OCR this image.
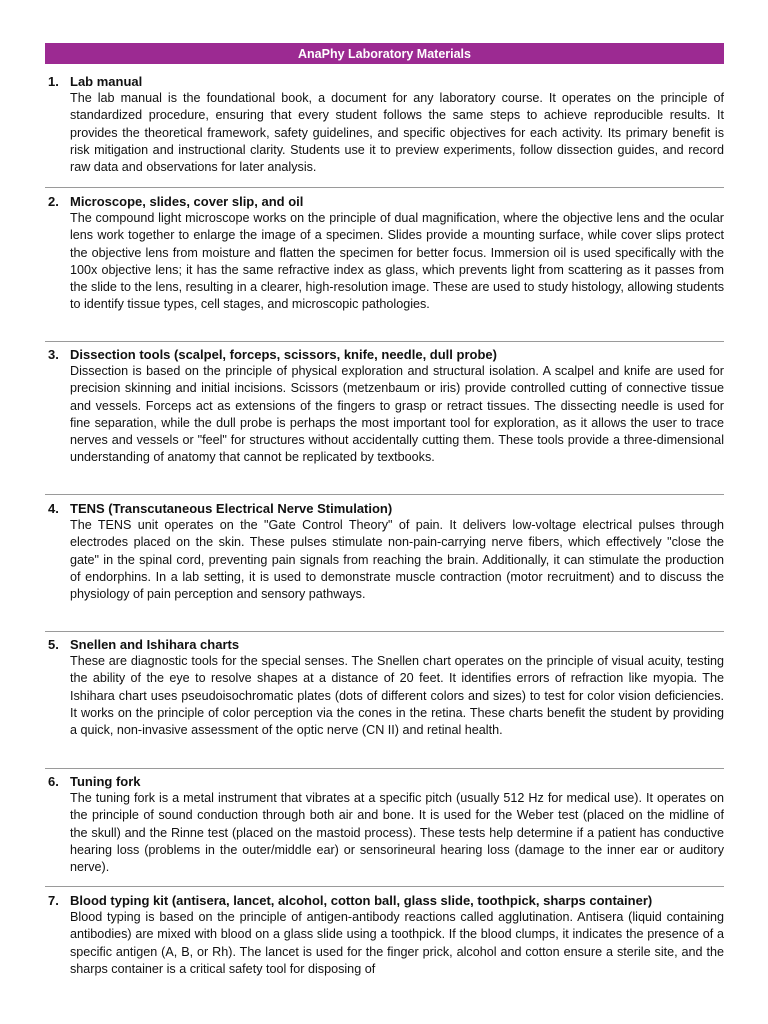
AnaPhy Laboratory Materials
1. Lab manual
The lab manual is the foundational book, a document for any laboratory course. It operates on the principle of standardized procedure, ensuring that every student follows the same steps to achieve reproducible results. It provides the theoretical framework, safety guidelines, and specific objectives for each activity. Its primary benefit is risk mitigation and instructional clarity. Students use it to preview experiments, follow dissection guides, and record raw data and observations for later analysis.
2. Microscope, slides, cover slip, and oil
The compound light microscope works on the principle of dual magnification, where the objective lens and the ocular lens work together to enlarge the image of a specimen. Slides provide a mounting surface, while cover slips protect the objective lens from moisture and flatten the specimen for better focus. Immersion oil is used specifically with the 100x objective lens; it has the same refractive index as glass, which prevents light from scattering as it passes from the slide to the lens, resulting in a clearer, high-resolution image. These are used to study histology, allowing students to identify tissue types, cell stages, and microscopic pathologies.
3. Dissection tools (scalpel, forceps, scissors, knife, needle, dull probe)
Dissection is based on the principle of physical exploration and structural isolation. A scalpel and knife are used for precision skinning and initial incisions. Scissors (metzenbaum or iris) provide controlled cutting of connective tissue and vessels. Forceps act as extensions of the fingers to grasp or retract tissues. The dissecting needle is used for fine separation, while the dull probe is perhaps the most important tool for exploration, as it allows the user to trace nerves and vessels or "feel" for structures without accidentally cutting them. These tools provide a three-dimensional understanding of anatomy that cannot be replicated by textbooks.
4. TENS (Transcutaneous Electrical Nerve Stimulation)
The TENS unit operates on the "Gate Control Theory" of pain. It delivers low-voltage electrical pulses through electrodes placed on the skin. These pulses stimulate non-pain-carrying nerve fibers, which effectively "close the gate" in the spinal cord, preventing pain signals from reaching the brain. Additionally, it can stimulate the production of endorphins. In a lab setting, it is used to demonstrate muscle contraction (motor recruitment) and to discuss the physiology of pain perception and sensory pathways.
5. Snellen and Ishihara charts
These are diagnostic tools for the special senses. The Snellen chart operates on the principle of visual acuity, testing the ability of the eye to resolve shapes at a distance of 20 feet. It identifies errors of refraction like myopia. The Ishihara chart uses pseudoisochromatic plates (dots of different colors and sizes) to test for color vision deficiencies. It works on the principle of color perception via the cones in the retina. These charts benefit the student by providing a quick, non-invasive assessment of the optic nerve (CN II) and retinal health.
6. Tuning fork
The tuning fork is a metal instrument that vibrates at a specific pitch (usually 512 Hz for medical use). It operates on the principle of sound conduction through both air and bone. It is used for the Weber test (placed on the midline of the skull) and the Rinne test (placed on the mastoid process). These tests help determine if a patient has conductive hearing loss (problems in the outer/middle ear) or sensorineural hearing loss (damage to the inner ear or auditory nerve).
7. Blood typing kit (antisera, lancet, alcohol, cotton ball, glass slide, toothpick, sharps container)
Blood typing is based on the principle of antigen-antibody reactions called agglutination. Antisera (liquid containing antibodies) are mixed with blood on a glass slide using a toothpick. If the blood clumps, it indicates the presence of a specific antigen (A, B, or Rh). The lancet is used for the finger prick, alcohol and cotton ensure a sterile site, and the sharps container is a critical safety tool for disposing of
